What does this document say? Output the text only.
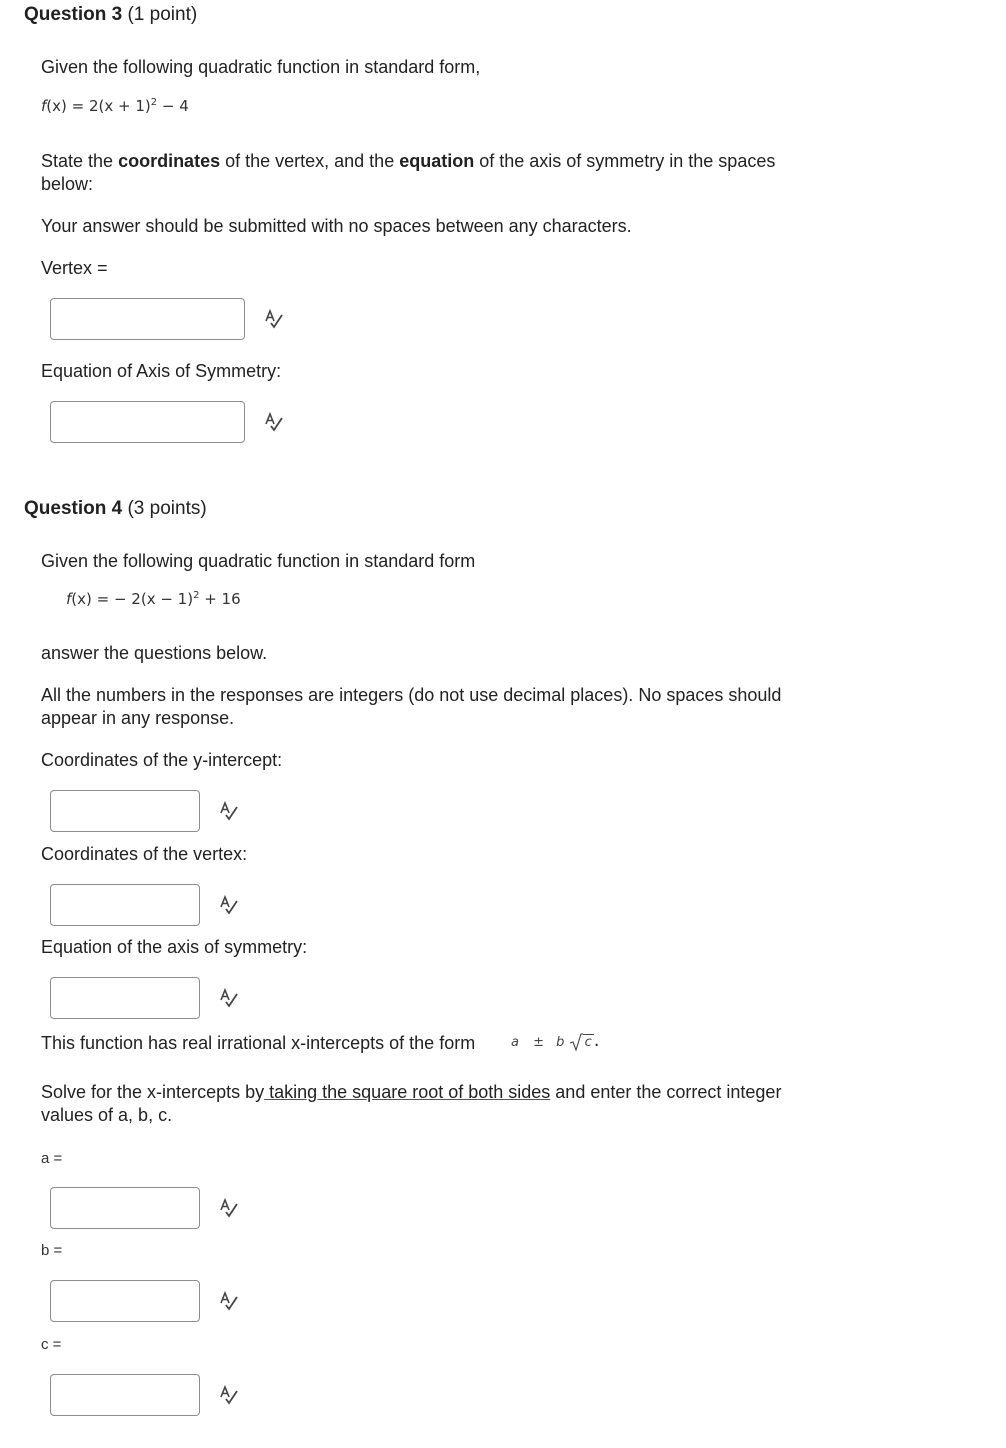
Question 3 (1 point)
Given the following quadratic function in standard form,
$f(x) = 2(x + 1)^2 - 4$
State the coordinates of the vertex, and the equation of the axis of symmetry in the spaces below:
Your answer should be submitted with no spaces between any characters.
Vertex =
Equation of Axis of Symmetry:
Question 4 (3 points)
Given the following quadratic function in standard form
f(x) = − $2(x - 1)^2 + 16$
answer the questions below.
All the numbers in the responses are integers (do not use decimal places). No spaces should appear in any response.
Coordinates of the y-intercept:
Coordinates of the vertex:
Equation of the axis of symmetry:
This function has real irrational x-intercepts of the form	a ± b c .
Solve for the x-intercepts by taking the square root of both sides and enter the correct integer values of a, b, c.
a =
b =
c =
